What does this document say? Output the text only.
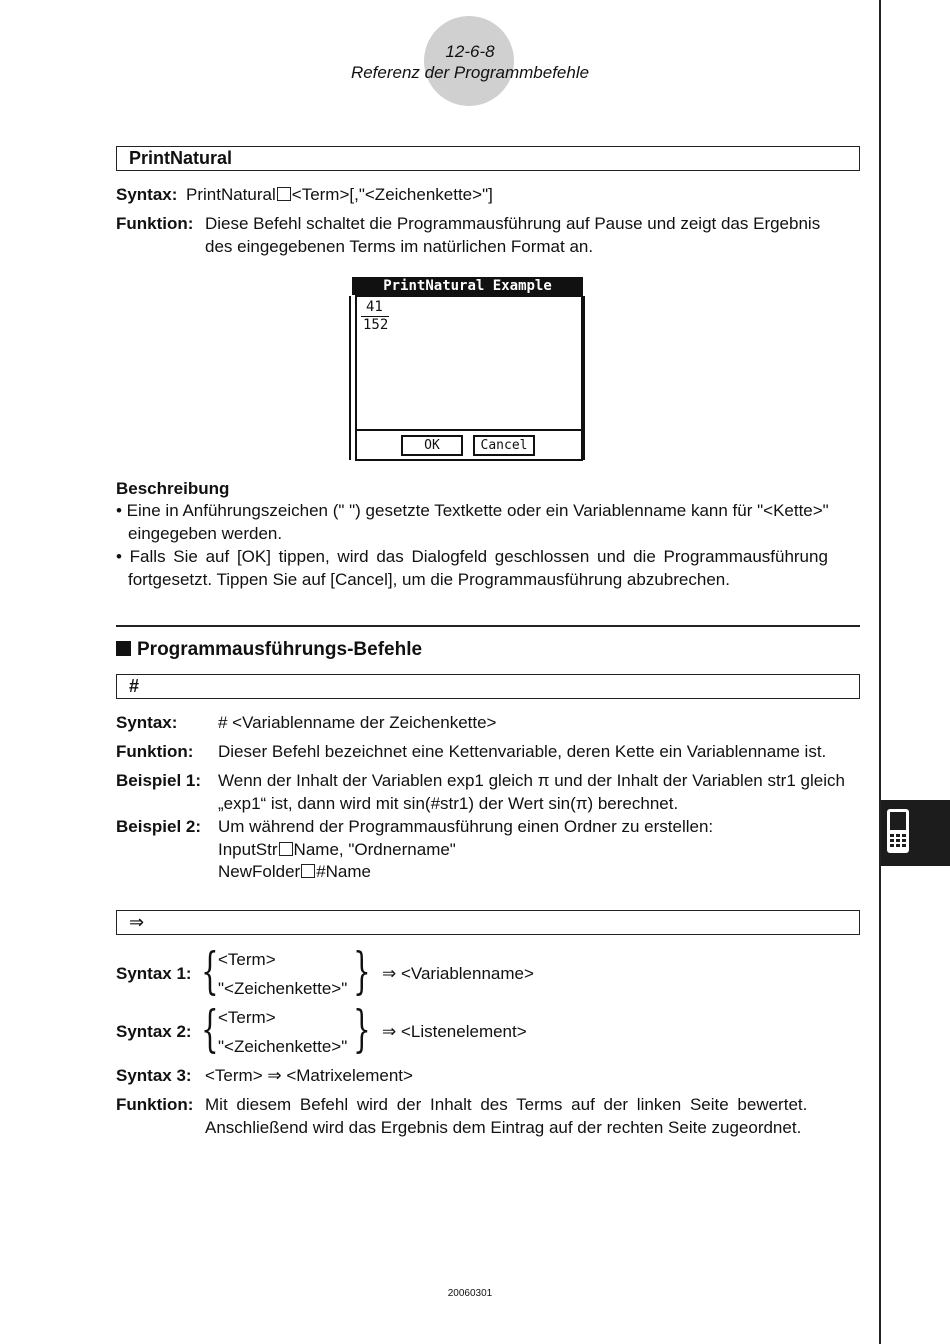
12-6-8
Referenz der Programmbefehle
PrintNatural
Syntax: PrintNatural <Term>[,"<Zeichenkette>"]
Funktion: Diese Befehl schaltet die Programmausführung auf Pause und zeigt das Ergebnis
des eingegebenen Terms im natürlichen Format an.
PrintNatural Example
41
152
OK	Cancel
Beschreibung
• Eine in Anführungszeichen (" ") gesetzte Textkette oder ein Variablenname kann für "<Kette>"
eingegeben werden.
• Falls Sie auf [OK] tippen, wird das Dialogfeld geschlossen und die Programmausführung
fortgesetzt. Tippen Sie auf [Cancel], um die Programmausführung abzubrechen.
Programmausführungs-Befehle
#
Syntax: # <Variablenname der Zeichenkette>
Funktion: Dieser Befehl bezeichnet eine Kettenvariable, deren Kette ein Variablenname ist.
Beispiel 1: Wenn der Inhalt der Variablen exp1 gleich π und der Inhalt der Variablen str1 gleich
„exp1“ ist, dann wird mit sin(#str1) der Wert sin(π) berechnet.
Beispiel 2: Um während der Programmausführung einen Ordner zu erstellen:
InputStr Name, "Ordnername"
NewFolder #Name
⇒
Syntax 1: { <Term>
"<Zeichenkette>" } ⇒ <Variablenname>
Syntax 2: { <Term>
"<Zeichenkette>" } ⇒ <Listenelement>
Syntax 3: <Term> ⇒ <Matrixelement>
Funktion: Mit diesem Befehl wird der Inhalt des Terms auf der linken Seite bewertet.
Anschließend wird das Ergebnis dem Eintrag auf der rechten Seite zugeordnet.
20060301
